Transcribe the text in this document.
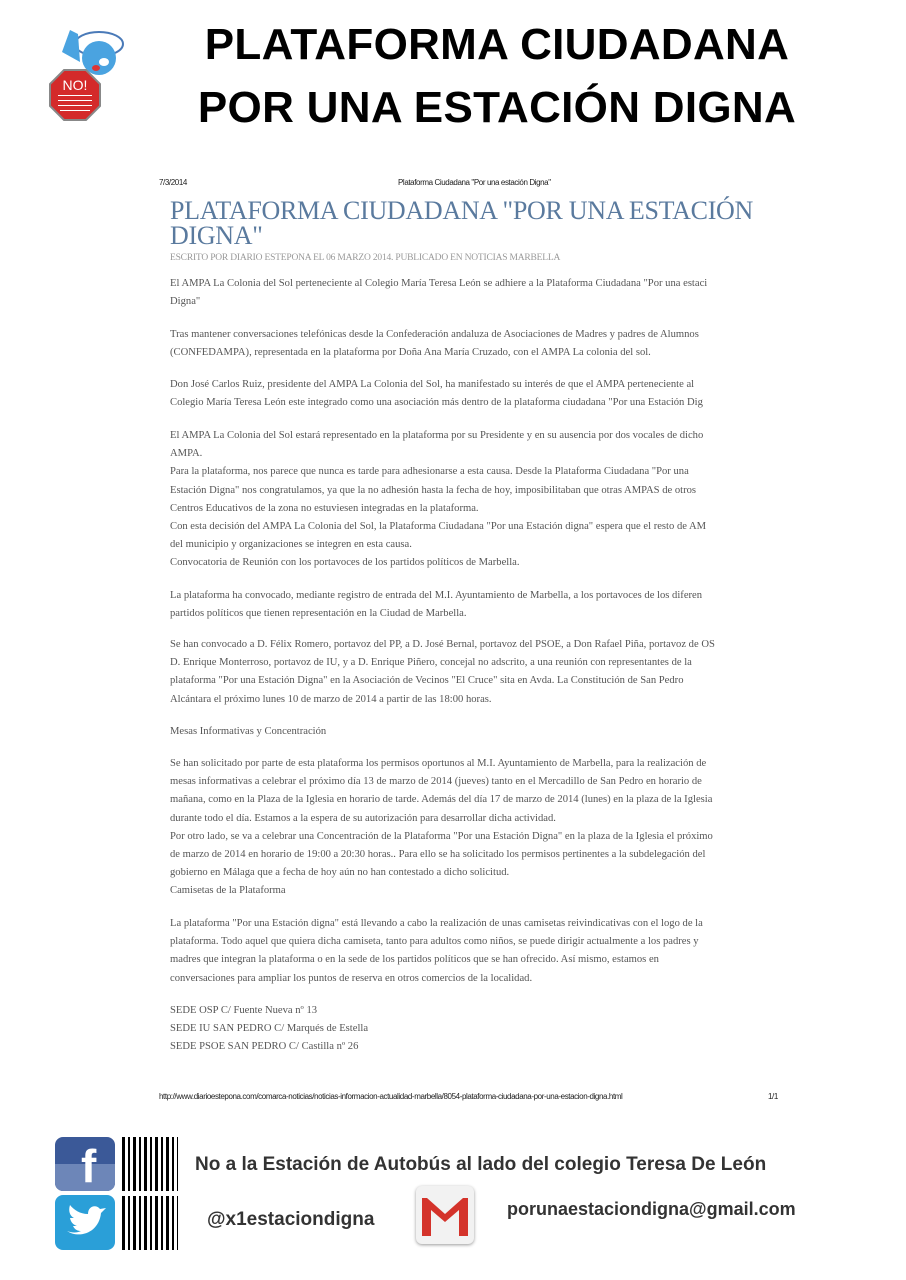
NO!
PLATAFORMA CIUDADANA
POR UNA ESTACIÓN DIGNA
7/3/2014	Plataforma Ciudadana "Por una estación Digna"
PLATAFORMA CIUDADANA "POR UNA ESTACIÓN DIGNA"
ESCRITO POR DIARIO ESTEPONA EL 06 MARZO 2014. PUBLICADO EN NOTICIAS MARBELLA
El AMPA La Colonia del Sol perteneciente al Colegio María Teresa León se adhiere a la Plataforma Ciudadana "Por una estaci
Digna"
Tras mantener conversaciones telefónicas desde la Confederación andaluza de Asociaciones de Madres y padres de Alumnos
(CONFEDAMPA), representada en la plataforma por Doña Ana María Cruzado, con el AMPA La colonia del sol.
Don José Carlos Ruiz, presidente del AMPA La Colonia del Sol, ha manifestado su interés de que el AMPA perteneciente al
Colegio María Teresa León este integrado como una asociación más dentro de la plataforma ciudadana "Por una Estación Dig
El AMPA La Colonia del Sol estará representado en la plataforma por su Presidente y en su ausencia por dos vocales de dicho
AMPA.
Para la plataforma, nos parece que nunca es tarde para adhesionarse a esta causa. Desde la Plataforma Ciudadana "Por una
Estación Digna" nos congratulamos, ya que la no adhesión hasta la fecha de hoy, imposibilitaban que otras AMPAS de otros
Centros Educativos de la zona no estuviesen integradas en la plataforma.
Con esta decisión del AMPA La Colonia del Sol, la Plataforma Ciudadana "Por una Estación digna" espera que el resto de AM
del municipio y organizaciones se integren en esta causa.
Convocatoria de Reunión con los portavoces de los partidos políticos de Marbella.
La plataforma ha convocado, mediante registro de entrada del M.I. Ayuntamiento de Marbella, a los portavoces de los diferen
partidos políticos que tienen representación en la Ciudad de Marbella.
Se han convocado a D. Félix Romero, portavoz del PP, a D. José Bernal, portavoz del PSOE, a Don Rafael Piña, portavoz de OS
D. Enrique Monterroso, portavoz de IU, y a D. Enrique Piñero, concejal no adscrito, a una reunión con representantes de la
plataforma "Por una Estación Digna" en la Asociación de Vecinos "El Cruce" sita en Avda. La Constitución de San Pedro
Alcántara el próximo lunes 10 de marzo de 2014 a partir de las 18:00 horas.
Mesas Informativas y Concentración
Se han solicitado por parte de esta plataforma los permisos oportunos al M.I. Ayuntamiento de Marbella, para la realización de
mesas informativas a celebrar el próximo día 13 de marzo de 2014 (jueves) tanto en el Mercadillo de San Pedro en horario de
mañana, como en la Plaza de la Iglesia en horario de tarde. Además del día 17 de marzo de 2014 (lunes) en la plaza de la Iglesia
durante todo el día. Estamos a la espera de su autorización para desarrollar dicha actividad.
Por otro lado, se va a celebrar una Concentración de la Plataforma "Por una Estación Digna" en la plaza de la Iglesia el próximo
de marzo de 2014 en horario de 19:00 a 20:30 horas.. Para ello se ha solicitado los permisos pertinentes a la subdelegación del
gobierno en Málaga que a fecha de hoy aún no han contestado a dicho solicitud.
Camisetas de la Plataforma
La plataforma "Por una Estación digna" está llevando a cabo la realización de unas camisetas reivindicativas con el logo de la
plataforma. Todo aquel que quiera dicha camiseta, tanto para adultos como niños, se puede dirigir actualmente a los padres y
madres que integran la plataforma o en la sede de los partidos políticos que se han ofrecido. Así mismo, estamos en
conversaciones para ampliar los puntos de reserva en otros comercios de la localidad.
SEDE OSP C/ Fuente Nueva nº 13
SEDE IU SAN PEDRO C/ Marqués de Estella
SEDE PSOE SAN PEDRO C/ Castilla nº 26
http://www.diarioestepona.com/comarca-noticias/noticias-informacion-actualidad-marbella/8054-plataforma-ciudadana-por-una-estacion-digna.html	1/1
f	No a la Estación de Autobús al lado del colegio Teresa De León
@x1estaciondigna	porunaestaciondigna@gmail.com
